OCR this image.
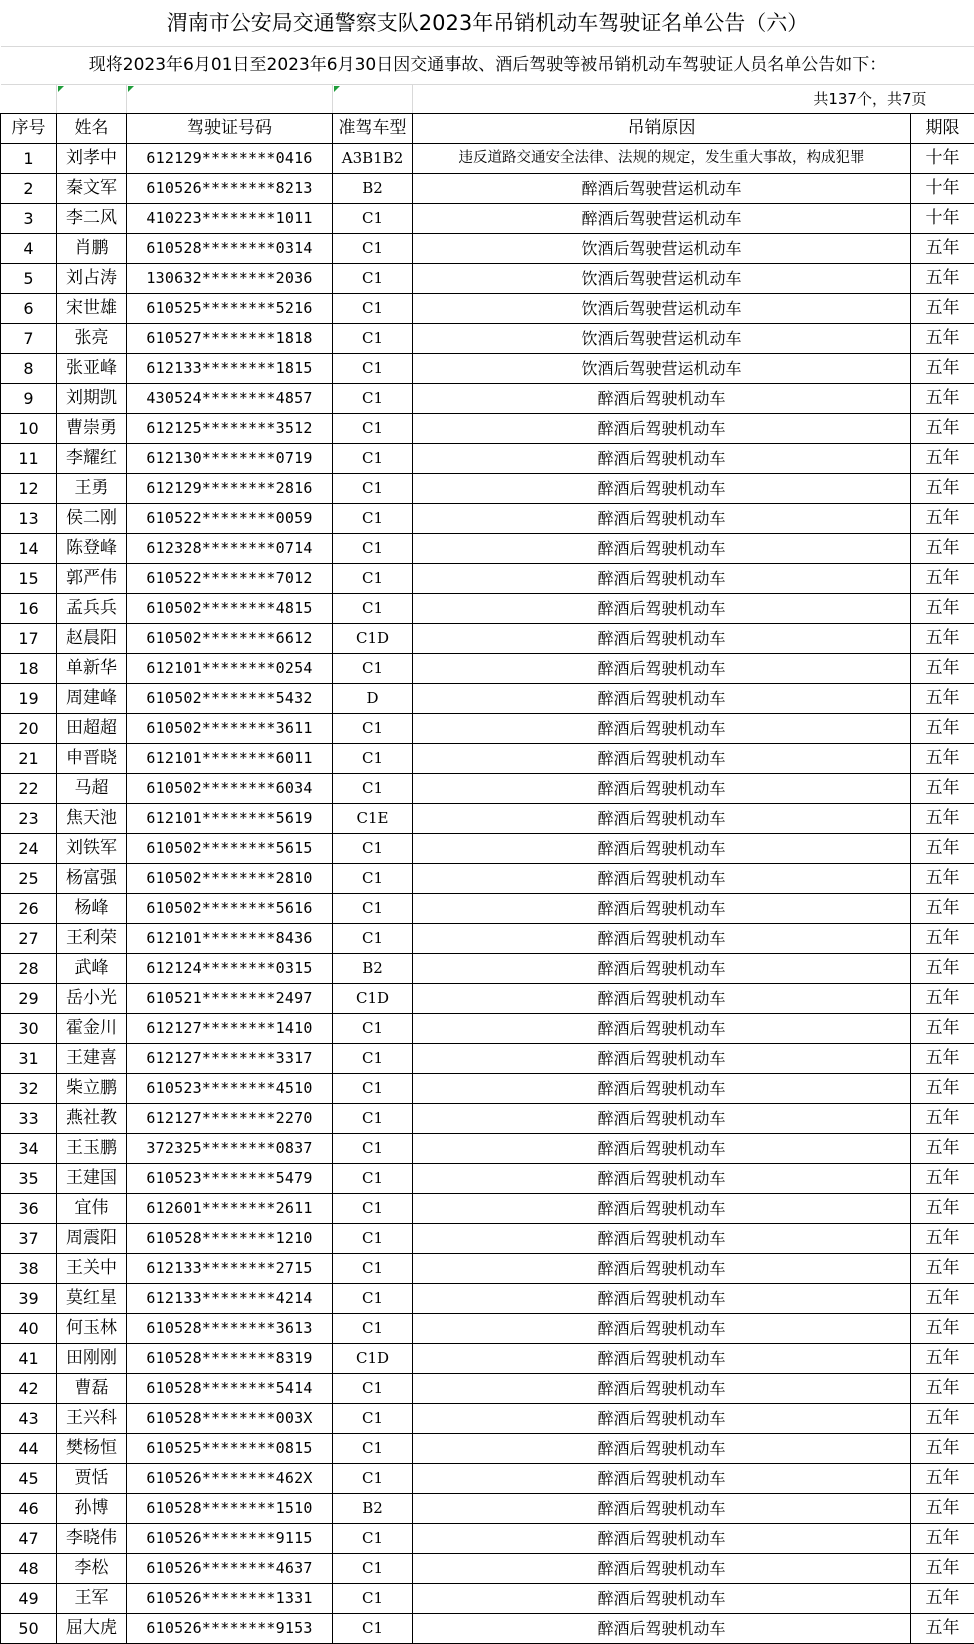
渭南市公安局交通警察支队2023年吊销机动车驾驶证名单公告（六）					
现将2023年6月01日至2023年6月30日因交通事故、酒后驾驶等被吊销机动车驾驶证人员名单公告如下：					
				共137个，共7页	
序号	姓名	驾驶证号码	准驾车型	吊销原因	期限
1	刘孝中	612129********0416	A3B1B2	违反道路交通安全法律、法规的规定，发生重大事故，构成犯罪	十年
2	秦文军	610526********8213	B2	醉酒后驾驶营运机动车	十年
3	李二风	410223********1011	C1	醉酒后驾驶营运机动车	十年
4	肖鹏	610528********0314	C1	饮酒后驾驶营运机动车	五年
5	刘占涛	130632********2036	C1	饮酒后驾驶营运机动车	五年
6	宋世雄	610525********5216	C1	饮酒后驾驶营运机动车	五年
7	张亮	610527********1818	C1	饮酒后驾驶营运机动车	五年
8	张亚峰	612133********1815	C1	饮酒后驾驶营运机动车	五年
9	刘期凯	430524********4857	C1	醉酒后驾驶机动车	五年
10	曹崇勇	612125********3512	C1	醉酒后驾驶机动车	五年
11	李耀红	612130********0719	C1	醉酒后驾驶机动车	五年
12	王勇	612129********2816	C1	醉酒后驾驶机动车	五年
13	侯二刚	610522********0059	C1	醉酒后驾驶机动车	五年
14	陈登峰	612328********0714	C1	醉酒后驾驶机动车	五年
15	郭严伟	610522********7012	C1	醉酒后驾驶机动车	五年
16	孟兵兵	610502********4815	C1	醉酒后驾驶机动车	五年
17	赵晨阳	610502********6612	C1D	醉酒后驾驶机动车	五年
18	单新华	612101********0254	C1	醉酒后驾驶机动车	五年
19	周建峰	610502********5432	D	醉酒后驾驶机动车	五年
20	田超超	610502********3611	C1	醉酒后驾驶机动车	五年
21	申晋晓	612101********6011	C1	醉酒后驾驶机动车	五年
22	马超	610502********6034	C1	醉酒后驾驶机动车	五年
23	焦天池	612101********5619	C1E	醉酒后驾驶机动车	五年
24	刘铁军	610502********5615	C1	醉酒后驾驶机动车	五年
25	杨富强	610502********2810	C1	醉酒后驾驶机动车	五年
26	杨峰	610502********5616	C1	醉酒后驾驶机动车	五年
27	王利荣	612101********8436	C1	醉酒后驾驶机动车	五年
28	武峰	612124********0315	B2	醉酒后驾驶机动车	五年
29	岳小光	610521********2497	C1D	醉酒后驾驶机动车	五年
30	霍金川	612127********1410	C1	醉酒后驾驶机动车	五年
31	王建喜	612127********3317	C1	醉酒后驾驶机动车	五年
32	柴立鹏	610523********4510	C1	醉酒后驾驶机动车	五年
33	燕社教	612127********2270	C1	醉酒后驾驶机动车	五年
34	王玉鹏	372325********0837	C1	醉酒后驾驶机动车	五年
35	王建国	610523********5479	C1	醉酒后驾驶机动车	五年
36	宜伟	612601********2611	C1	醉酒后驾驶机动车	五年
37	周震阳	610528********1210	C1	醉酒后驾驶机动车	五年
38	王关中	612133********2715	C1	醉酒后驾驶机动车	五年
39	莫红星	612133********4214	C1	醉酒后驾驶机动车	五年
40	何玉林	610528********3613	C1	醉酒后驾驶机动车	五年
41	田刚刚	610528********8319	C1D	醉酒后驾驶机动车	五年
42	曹磊	610528********5414	C1	醉酒后驾驶机动车	五年
43	王兴科	610528********003X	C1	醉酒后驾驶机动车	五年
44	樊杨恒	610525********0815	C1	醉酒后驾驶机动车	五年
45	贾恬	610526********462X	C1	醉酒后驾驶机动车	五年
46	孙博	610528********1510	B2	醉酒后驾驶机动车	五年
47	李晓伟	610526********9115	C1	醉酒后驾驶机动车	五年
48	李松	610526********4637	C1	醉酒后驾驶机动车	五年
49	王军	610526********1331	C1	醉酒后驾驶机动车	五年
50	屈大虎	610526********9153	C1	醉酒后驾驶机动车	五年
